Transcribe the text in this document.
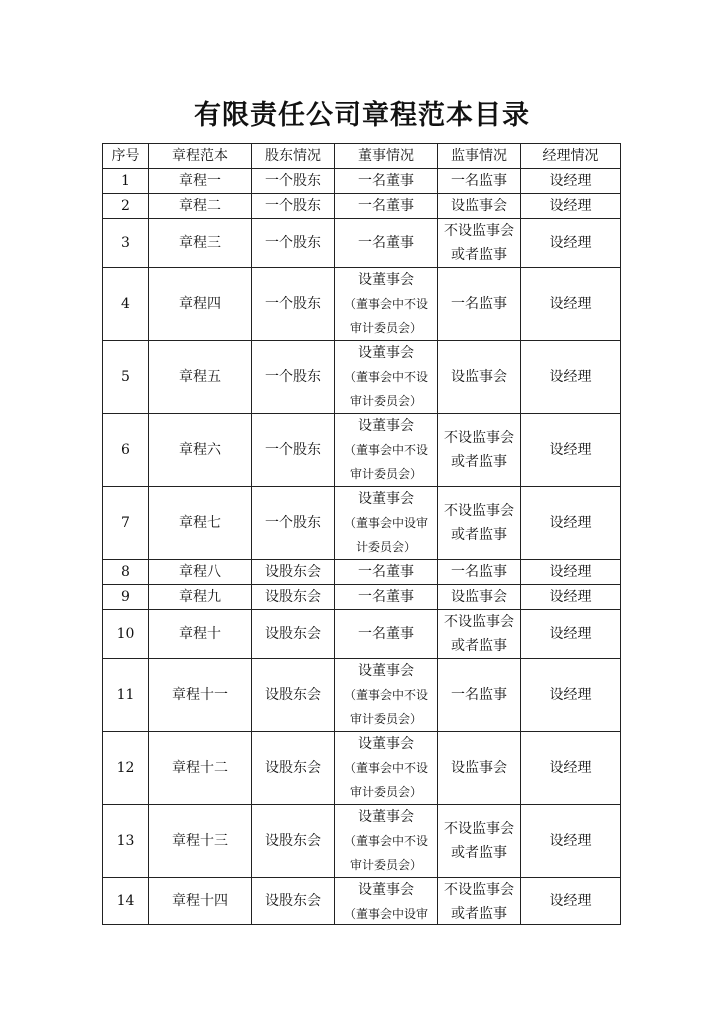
有限责任公司章程范本目录
序号	章程范本	股东情况	董事情况	监事情况	经理情况
1	章程一	一个股东	一名董事	一名监事	设经理
2	章程二	一个股东	一名董事	设监事会	设经理
3	章程三	一个股东	一名董事	不设监事会
或者监事	设经理
4	章程四	一个股东	设董事会
（董事会中不设
审计委员会）	一名监事	设经理
5	章程五	一个股东	设董事会
（董事会中不设
审计委员会）	设监事会	设经理
6	章程六	一个股东	设董事会
（董事会中不设
审计委员会）	不设监事会
或者监事	设经理
7	章程七	一个股东	设董事会
（董事会中设审
计委员会）	不设监事会
或者监事	设经理
8	章程八	设股东会	一名董事	一名监事	设经理
9	章程九	设股东会	一名董事	设监事会	设经理
10	章程十	设股东会	一名董事	不设监事会
或者监事	设经理
11	章程十一	设股东会	设董事会
（董事会中不设
审计委员会）	一名监事	设经理
12	章程十二	设股东会	设董事会
（董事会中不设
审计委员会）	设监事会	设经理
13	章程十三	设股东会	设董事会
（董事会中不设
审计委员会）	不设监事会
或者监事	设经理
14	章程十四	设股东会	设董事会
（董事会中设审	不设监事会
或者监事	设经理
